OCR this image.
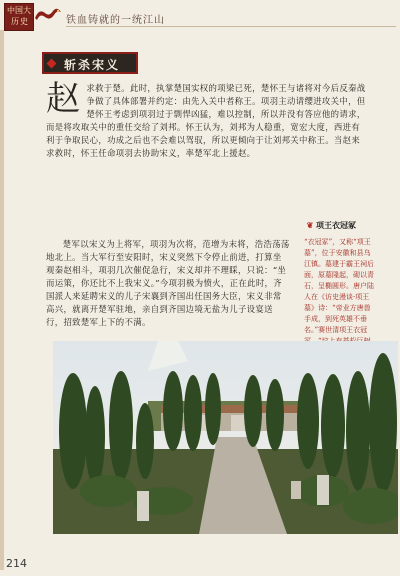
中 国 大
历 史	铁血铸就的一统江山
斩杀宋义
赵 求救于楚。此时，执掌楚国实权的项梁已死，楚怀王与诸将对今后反秦战争做了具体部署并约定：由先入关中者称王。项羽主动请缨进攻关中，但楚怀王考虑到项羽过于剽悍凶猛，难以控制，所以并没有答应他的请求，而是将攻取关中的重任交给了刘邦。怀王认为，刘邦为人稳重，宽宏大度，西进有利于争取民心，功成之后也不会难以驾驭，所以更倾向于让刘邦关中称王。当赵来求救时，怀王任命项羽去协助宋义，率楚军北上援赵。
楚军以宋义为上将军，项羽为次将，范增为末将，浩浩荡荡地北上。当大军行至安阳时，宋义突然下令停止前进，打算坐观秦赵相斗，项羽几次催促急行，宋义却并不理睬，只说：“坐而运策，你还比不上我宋义。”今项羽极为愤火，正在此时，齐国派人来延聘宋义的儿子宋襄到齐国出任国务大臣，宋义非常高兴，就离开楚军驻地，亲自到齐国边境无盐为儿子设宴送行，招致楚军上下的不满。
❦ 项王衣冠冢
“衣冠冢”，又称“项王墓”，位于安徽和县乌江镇。墓建于霸王祠后面，原墓隆起，砌以青石，呈椭圆形。唐户陆人在《访史漫谈·项王墓》诗：“帝业方唐兽手成，到死英雄不垂名。”赛世清项王衣冠
214
